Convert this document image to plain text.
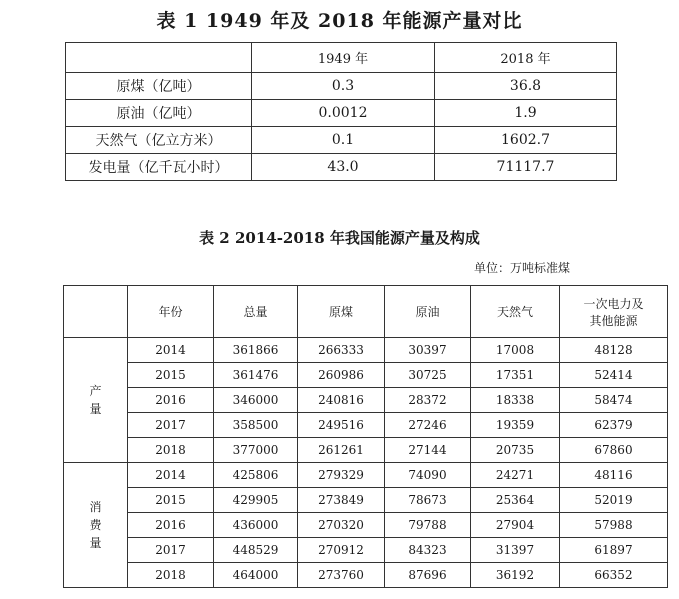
表 1 1949 年及 2018 年能源产量对比
	1949 年	2018 年
原煤（亿吨）	0.3	36.8
原油（亿吨）	0.0012	1.9
天然气（亿立方米）	0.1	1602.7
发电量（亿千瓦小时）	43.0	71117.7
表 2 2014-2018 年我国能源产量及构成
单位：万吨标准煤
	年份	总量	原煤	原油	天然气	一次电力及其他能源
产量	2014	361866	266333	30397	17008	48128
	2015	361476	260986	30725	17351	52414
	2016	346000	240816	28372	18338	58474
	2017	358500	249516	27246	19359	62379
	2018	377000	261261	27144	20735	67860
消费量	2014	425806	279329	74090	24271	48116
	2015	429905	273849	78673	25364	52019
	2016	436000	270320	79788	27904	57988
	2017	448529	270912	84323	31397	61897
	2018	464000	273760	87696	36192	66352
